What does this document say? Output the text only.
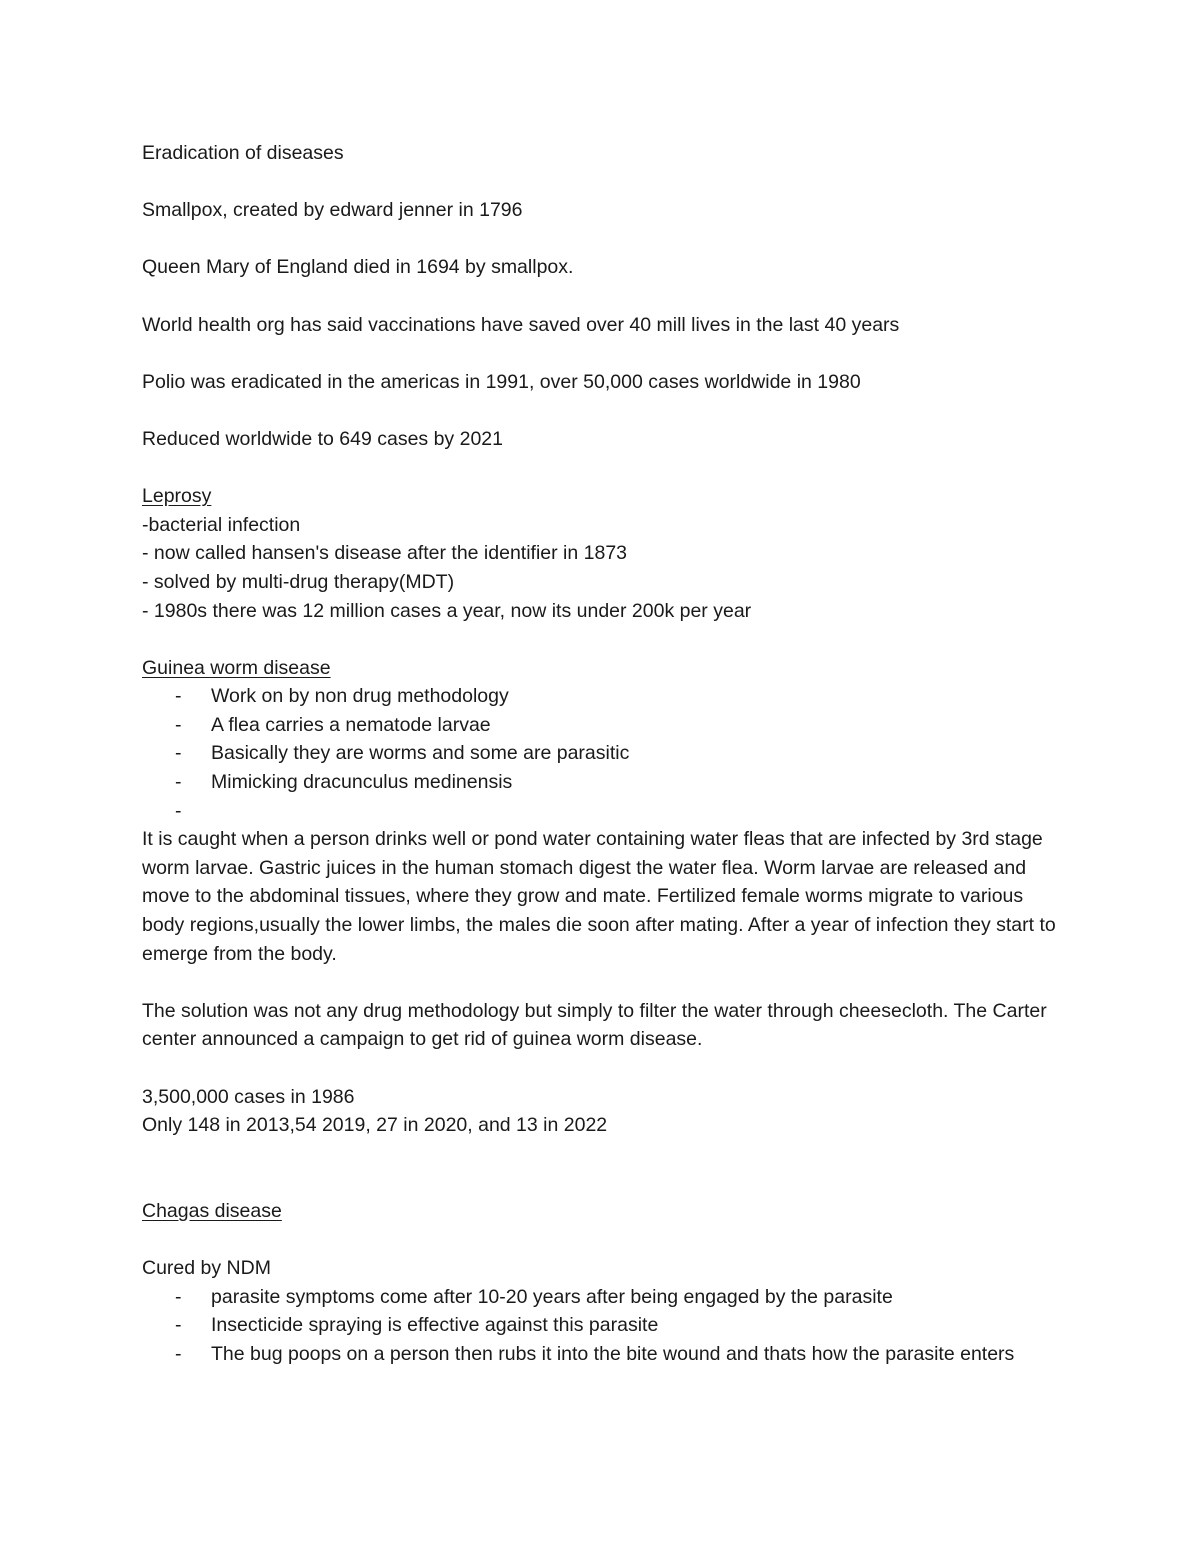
Eradication of diseases

Smallpox, created by edward jenner in 1796

Queen Mary of England died in 1694 by smallpox.

World health org has said vaccinations have saved over 40 mill lives in the last 40 years

Polio was eradicated in the americas in 1991, over 50,000 cases worldwide in 1980

Reduced worldwide to 649 cases by 2021

Leprosy

-bacterial infection

- now called hansen's disease after the identifier in 1873

- solved by multi-drug therapy(MDT)

- 1980s there was 12 million cases a year, now its under 200k per year

Guinea worm disease

- Work on by non drug methodology
- A flea carries a nematode larvae
- Basically they are worms and some are parasitic
- Mimicking dracunculus medinensis
-

It is caught when a person drinks well or pond water containing water fleas that are infected by 3rd stage worm larvae. Gastric juices in the human stomach digest the water flea. Worm larvae are released and move to the abdominal tissues, where they grow and mate. Fertilized female worms migrate to various body regions,usually the lower limbs, the males die soon after mating. After a year of infection they start to emerge from the body.

The solution was not any drug methodology but simply to filter the water through cheesecloth. The Carter center announced a campaign to get rid of guinea worm disease.

3,500,000 cases in 1986

Only 148 in 2013,54 2019, 27 in 2020, and 13 in 2022

Chagas disease

Cured by NDM

- parasite symptoms come after 10-20 years after being engaged by the parasite
- Insecticide spraying is effective against this parasite
- The bug poops on a person then rubs it into the bite wound and thats how the parasite enters
